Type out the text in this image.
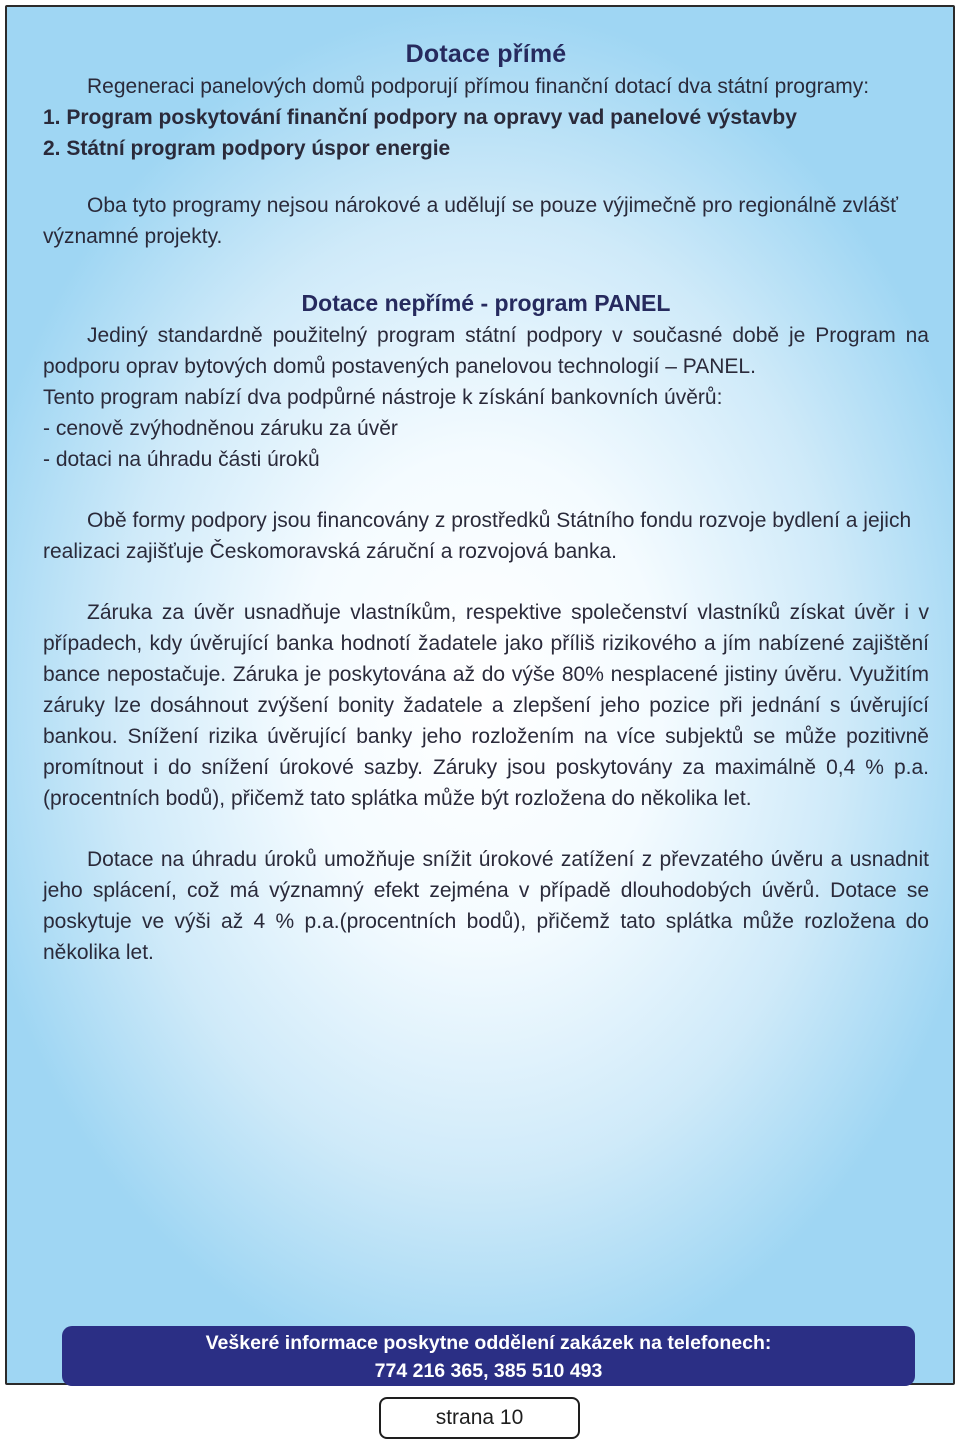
Dotace přímé

Regeneraci panelových domů podporují přímou finanční dotací dva státní programy:

1. Program poskytování finanční podpory na opravy vad panelové výstavby

2. Státní program podpory úspor energie

Oba tyto programy nejsou nárokové a udělují se pouze výjimečně pro regionálně zvlášť významné projekty.

Dotace nepřímé - program PANEL

Jediný standardně použitelný program státní podpory v současné době je Program na podporu oprav bytových domů postavených panelovou technologií – PANEL.

Tento program nabízí dva podpůrné nástroje k získání bankovních úvěrů:

- cenově zvýhodněnou záruku za úvěr

- dotaci na úhradu části úroků

Obě formy podpory jsou financovány z prostředků Státního fondu rozvoje bydlení a jejich realizaci zajišťuje Českomoravská záruční a rozvojová banka.

Záruka za úvěr usnadňuje vlastníkům, respektive společenství vlastníků získat úvěr i v případech, kdy úvěrující banka hodnotí žadatele jako příliš rizikového a jím nabízené zajištění bance nepostačuje. Záruka je poskytována až do výše 80% nesplacené jistiny úvěru. Využitím záruky lze dosáhnout zvýšení bonity žadatele a zlepšení jeho pozice při jednání s úvěrující bankou. Snížení rizika úvěrující banky jeho rozložením na více subjektů se může pozitivně promítnout i do snížení úrokové sazby. Záruky jsou poskytovány za maximálně 0,4 % p.a.(procentních bodů), přičemž tato splátka může být rozložena do několika let.

Dotace na úhradu úroků umožňuje snížit úrokové zatížení z převzatého úvěru a usnadnit jeho splácení, což má významný efekt zejména v případě dlouhodobých úvěrů. Dotace se poskytuje ve výši až 4 % p.a.(procentních bodů), přičemž tato splátka může rozložena do několika let.

Veškeré informace poskytne oddělení zakázek na telefonech:
774 216 365, 385 510 493
strana 10
